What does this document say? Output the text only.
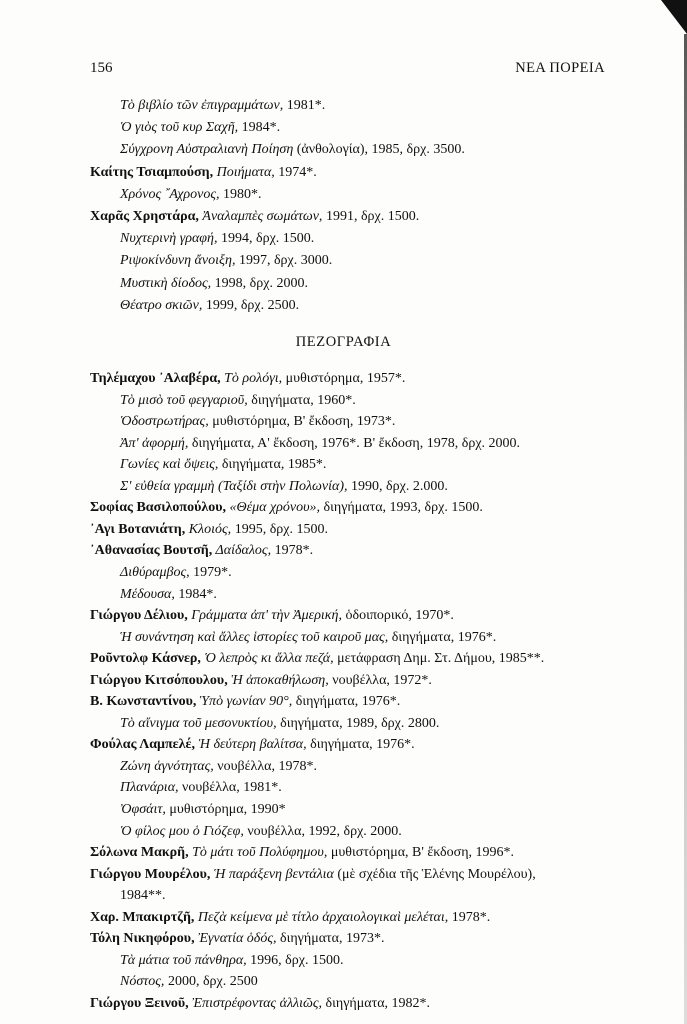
156	ΝΕΑ ΠΟΡΕΙΑ
Τὸ βιβλίο τῶν ἐπιγραμμάτων, 1981*.
Ὁ γιὸς τοῦ κυρ Σαχῆ, 1984*.
Σύγχρονη Αὐστραλιανὴ Ποίηση (ἀνθολογία), 1985, δρχ. 3500.
Καίτης Τσιαμπούση, Ποιήματα, 1974*.
Χρόνος ῎Αχρονος, 1980*.
Χαρᾶς Χρηστάρα, Ἀναλαμπὲς σωμάτων, 1991, δρχ. 1500.
Νυχτερινὴ γραφή, 1994, δρχ. 1500.
Ριψοκίνδυνη ἄνοιξη, 1997, δρχ. 3000.
Μυστικὴ δίοδος, 1998, δρχ. 2000.
Θέατρο σκιῶν, 1999, δρχ. 2500.
ΠΕΖΟΓΡΑΦΙΑ
Τηλέμαχου ᾿Αλαβέρα, Τὸ ρολόγι, μυθιστόρημα, 1957*.
Τὸ μισὸ τοῦ φεγγαριοῦ, διηγήματα, 1960*.
Ὁδοστρωτήρας, μυθιστόρημα, Β' ἔκδοση, 1973*.
Ἀπ' ἀφορμή, διηγήματα, Α' ἔκδοση, 1976*. Β' ἔκδοση, 1978, δρχ. 2000.
Γωνίες καὶ ὄψεις, διηγήματα, 1985*.
Σ' εὐθεία γραμμὴ (Ταξίδι στὴν Πολωνία), 1990, δρχ. 2.000.
Σοφίας Βασιλοπούλου, «Θέμα χρόνου», διηγήματα, 1993, δρχ. 1500.
᾿Αγι Βοτανιάτη, Κλοιός, 1995, δρχ. 1500.
᾿Αθανασίας Βουτσῆ, Δαίδαλος, 1978*.
Διθύραμβος, 1979*.
Μέδουσα, 1984*.
Γιώργου Δέλιου, Γράμματα ἀπ' τὴν Ἀμερική, ὁδοιπορικό, 1970*.
Ἡ συνάντηση καὶ ἄλλες ἱστορίες τοῦ καιροῦ μας, διηγήματα, 1976*.
Ροῦντολφ Κάσνερ, Ὁ λεπρὸς κι ἄλλα πεζά, μετάφραση Δημ. Στ. Δήμου, 1985**.
Γιώργου Κιτσόπουλου, Ἡ ἀποκαθήλωση, νουβέλλα, 1972*.
Β. Κωνσταντίνου, Ὑπὸ γωνίαν 90°, διηγήματα, 1976*.
Τὸ αἴνιγμα τοῦ μεσονυκτίου, διηγήματα, 1989, δρχ. 2800.
Φούλας Λαμπελέ, Ἡ δεύτερη βαλίτσα, διηγήματα, 1976*.
Ζώνη ἁγνότητας, νουβέλλα, 1978*.
Πλανάρια, νουβέλλα, 1981*.
Ὀφσάιτ, μυθιστόρημα, 1990*
Ὁ φίλος μου ὁ Γιόζεφ, νουβέλλα, 1992, δρχ. 2000.
Σόλωνα Μακρῆ, Τὸ μάτι τοῦ Πολύφημου, μυθιστόρημα, Β' ἔκδοση, 1996*.
Γιώργου Μουρέλου, Ἡ παράξενη βεντάλια (μὲ σχέδια τῆς Ἑλένης Μουρέλου),
1984**.
Χαρ. Μπακιρτζῆ, Πεζὰ κείμενα μὲ τίτλο ἀρχαιολογικαὶ μελέται, 1978*.
Τόλη Νικηφόρου, Ἐγνατία ὁδός, διηγήματα, 1973*.
Τὰ μάτια τοῦ πάνθηρα, 1996, δρχ. 1500.
Νόστος, 2000, δρχ. 2500
Γιώργου Ξεινοῦ, Ἐπιστρέφοντας ἀλλιῶς, διηγήματα, 1982*.
